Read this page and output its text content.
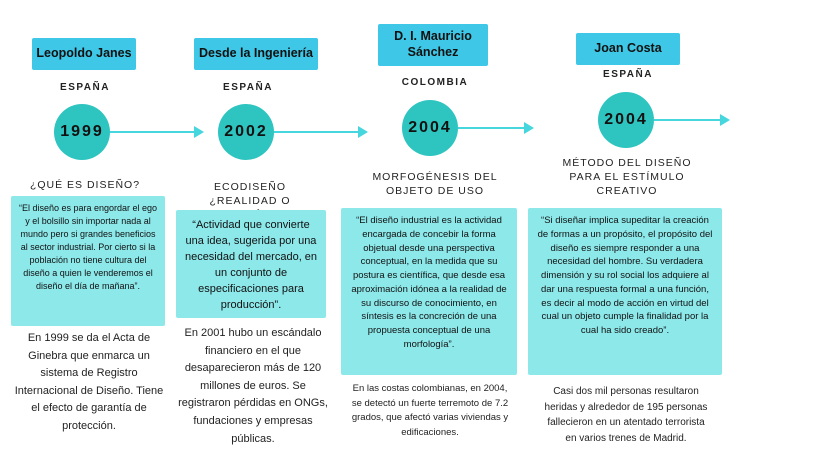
Leopoldo Janes
ESPAÑA
1999
¿QUÉ ES DISEÑO?
“El diseño es para engordar el ego y el bolsillo sin importar nada al mundo pero si grandes beneficios al sector industrial. Por cierto si la población no tiene cultura del diseño a quien le venderemos el diseño el día de mañana”.
En 1999 se da el Acta de Ginebra que enmarca un sistema de Registro Internacional de Diseño. Tiene el efecto de garantía de protección.
Desde la Ingeniería
ESPAÑA
2002
ECODISEÑO ¿REALIDAD O
“Actividad que convierte una idea, sugerida por una necesidad del mercado, en un conjunto de especificaciones para producción”.
En 2001 hubo un escándalo financiero en el que desaparecieron más de 120 millones de euros. Se registraron pérdidas en ONGs, fundaciones y empresas públicas.
D. I. Mauricio Sánchez
COLOMBIA
2004
MORFOGÉNESIS DEL OBJETO DE USO
“El diseño industrial es la actividad encargada de concebir la forma objetual desde una perspectiva conceptual, en la medida que su postura es científica, que desde esa aproximación idónea a la realidad de su discurso de conocimiento, en síntesis es la concreción de una propuesta conceptual de una morfología”.
En las costas colombianas, en 2004, se detectó un fuerte terremoto de 7.2 grados, que afectó varias viviendas y edificaciones.
Joan Costa
ESPAÑA
2004
MÉTODO DEL DISEÑO PARA EL ESTÍMULO CREATIVO
“Si diseñar implica supeditar la creación de formas a un propósito, el propósito del diseño es siempre responder a una necesidad del hombre. Su verdadera dimensión y su rol social los adquiere al dar una respuesta formal a una función, es decir al modo de acción en virtud del cual un objeto cumple la finalidad por la cual ha sido creado”.
Casi dos mil personas resultaron heridas y alrededor de 195 personas fallecieron en un atentado terrorista en varios trenes de Madrid.
